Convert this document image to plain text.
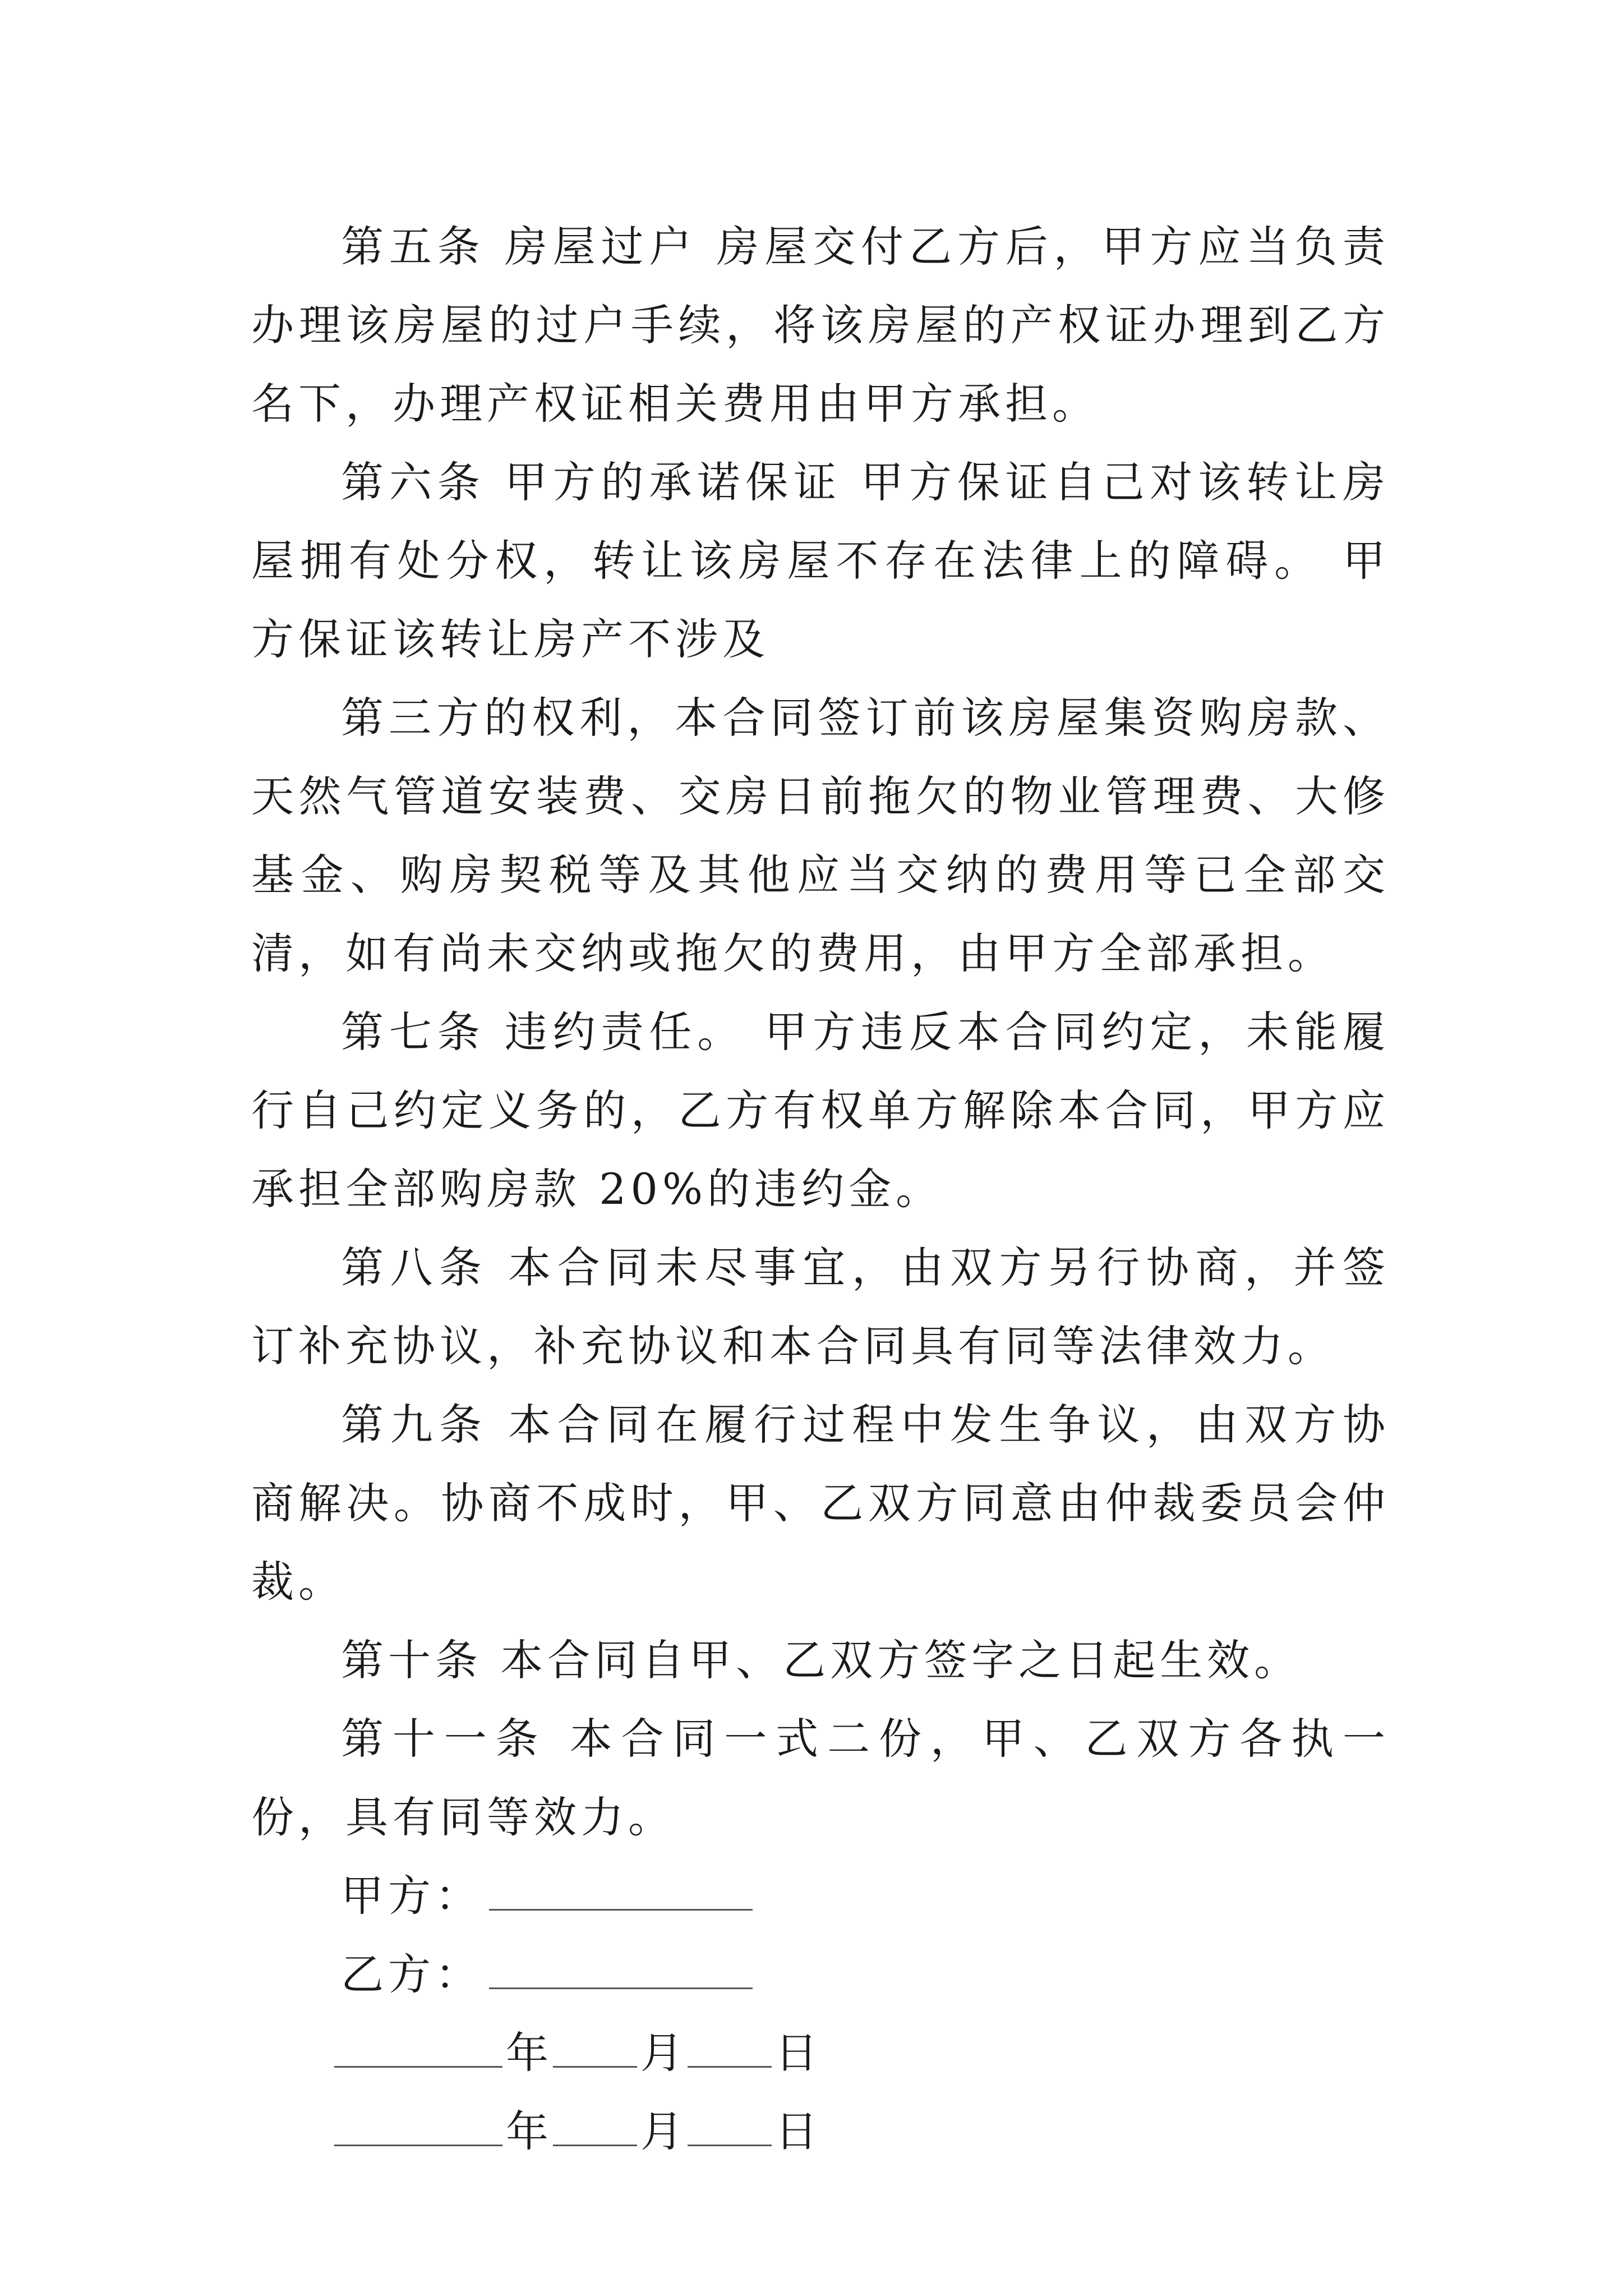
第五条 房屋过户 房屋交付乙方后，甲方应当负责办理该房屋的过户手续，将该房屋的产权证办理到乙方名下，办理产权证相关费用由甲方承担。

第六条 甲方的承诺保证 甲方保证自己对该转让房屋拥有处分权，转让该房屋不存在法律上的障碍。 甲方保证该转让房产不涉及

第三方的权利，本合同签订前该房屋集资购房款、天然气管道安装费、交房日前拖欠的物业管理费、大修基金、购房契税等及其他应当交纳的费用等已全部交清，如有尚未交纳或拖欠的费用，由甲方全部承担。

第七条 违约责任。 甲方违反本合同约定，未能履行自己约定义务的，乙方有权单方解除本合同，甲方应承担全部购房款 20%的违约金。

第八条 本合同未尽事宜，由双方另行协商，并签订补充协议，补充协议和本合同具有同等法律效力。

第九条 本合同在履行过程中发生争议，由双方协商解决。协商不成时，甲、乙双方同意由仲裁委员会仲裁。

第十条 本合同自甲、乙双方签字之日起生效。

第十一条 本合同一式二份，甲、乙双方各执一份，具有同等效力。

甲方：
乙方：
年 月 日
年 月 日
